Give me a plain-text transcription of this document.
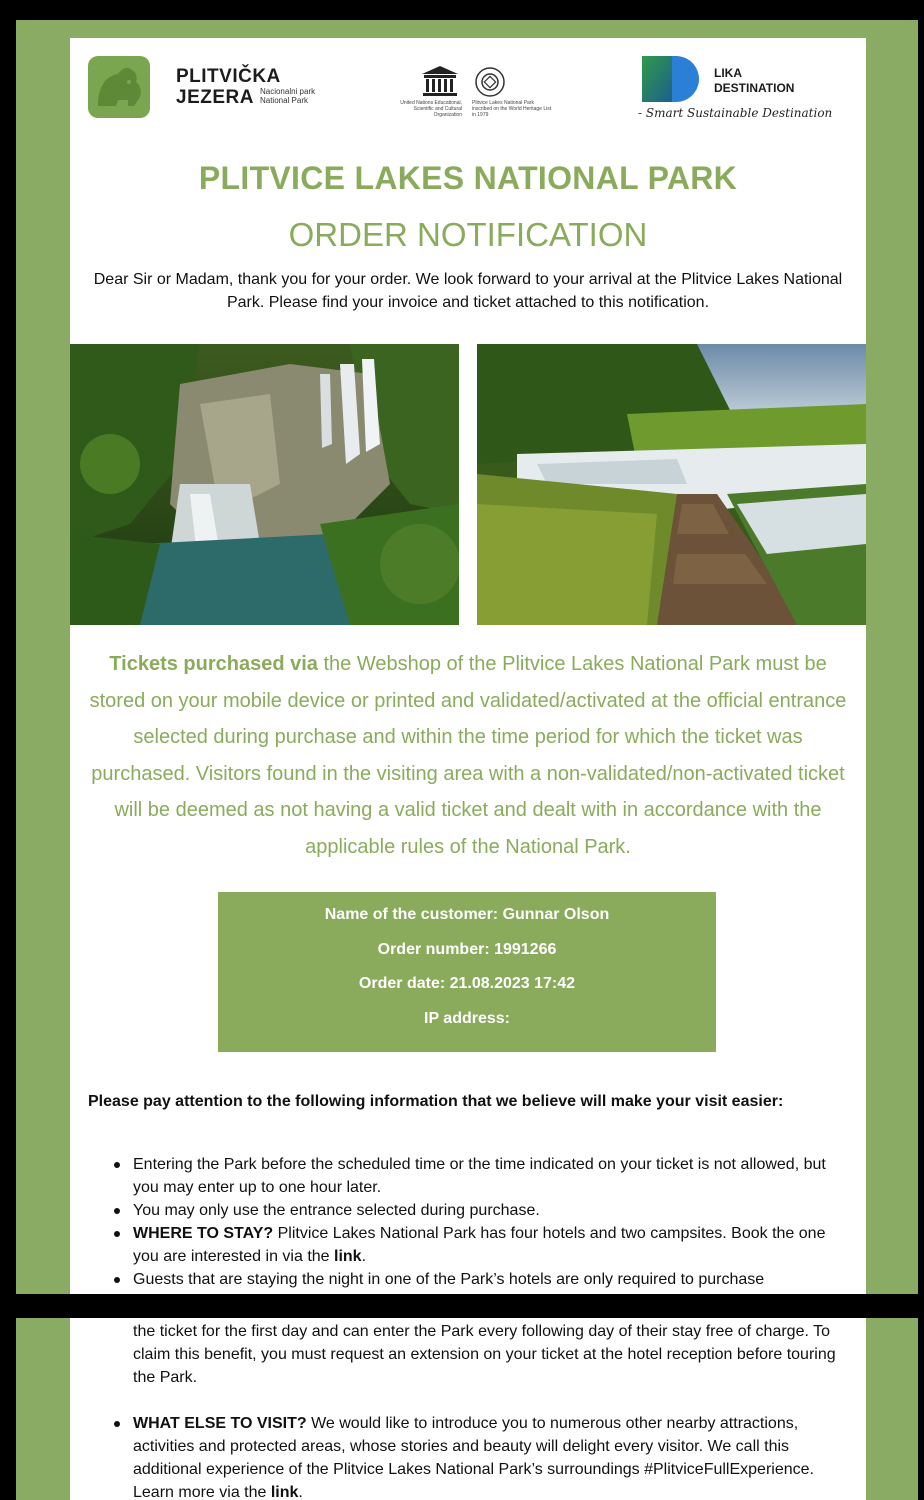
PLITVIČKA
JEZERA Nacionalni park
National Park	United Nations Educational, Scientific and Cultural Organization
Plitvice Lakes National Park inscribed on the World Heritage List in 1979
LIKA
DESTINATION
- Smart Sustainable Destination
PLITVICE LAKES NATIONAL PARK
ORDER NOTIFICATION
Dear Sir or Madam, thank you for your order. We look forward to your arrival at the Plitvice Lakes National Park. Please find your invoice and ticket attached to this notification.
Tickets purchased via the Webshop of the Plitvice Lakes National Park must be stored on your mobile device or printed and validated/activated at the official entrance selected during purchase and within the time period for which the ticket was purchased. Visitors found in the visiting area with a non-validated/non-activated ticket will be deemed as not having a valid ticket and dealt with in accordance with the applicable rules of the National Park.
Name of the customer: Gunnar Olson
Order number: 1991266
Order date: 21.08.2023 17:42
IP address:
Please pay attention to the following information that we believe will make your visit easier:
Entering the Park before the scheduled time or the time indicated on your ticket is not allowed, but you may enter up to one hour later.
You may only use the entrance selected during purchase.
WHERE TO STAY? Plitvice Lakes National Park has four hotels and two campsites. Book the one you are interested in via the link.
Guests that are staying the night in one of the Park’s hotels are only required to purchase
the ticket for the first day and can enter the Park every following day of their stay free of charge. To claim this benefit, you must request an extension on your ticket at the hotel reception before touring the Park.
WHAT ELSE TO VISIT? We would like to introduce you to numerous other nearby attractions, activities and protected areas, whose stories and beauty will delight every visitor. We call this additional experience of the Plitvice Lakes National Park’s surroundings #PlitviceFullExperience. Learn more via the link.
